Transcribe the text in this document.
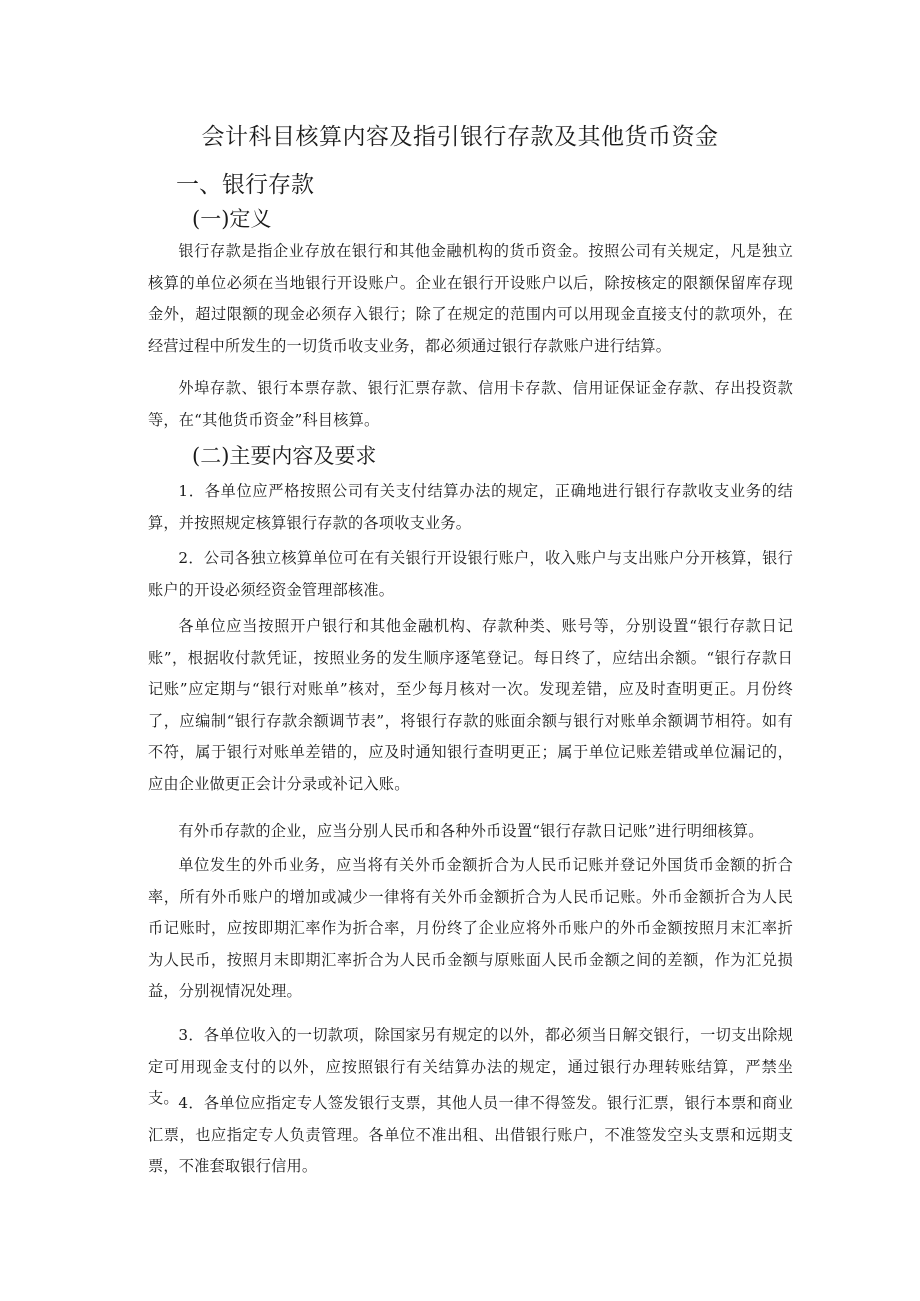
会计科目核算内容及指引银行存款及其他货币资金
一、银行存款
(一)定义

银行存款是指企业存放在银行和其他金融机构的货币资金。按照公司有关规定，凡是独立核算的单位必须在当地银行开设账户。企业在银行开设账户以后，除按核定的限额保留库存现金外，超过限额的现金必须存入银行；除了在规定的范围内可以用现金直接支付的款项外，在经营过程中所发生的一切货币收支业务，都必须通过银行存款账户进行结算。

外埠存款、银行本票存款、银行汇票存款、信用卡存款、信用证保证金存款、存出投资款等，在“其他货币资金”科目核算。

(二)主要内容及要求

1．各单位应严格按照公司有关支付结算办法的规定，正确地进行银行存款收支业务的结算，并按照规定核算银行存款的各项收支业务。

2．公司各独立核算单位可在有关银行开设银行账户，收入账户与支出账户分开核算，银行账户的开设必须经资金管理部核准。

各单位应当按照开户银行和其他金融机构、存款种类、账号等，分别设置“银行存款日记账”，根据收付款凭证，按照业务的发生顺序逐笔登记。每日终了，应结出余额。“银行存款日记账”应定期与“银行对账单”核对，至少每月核对一次。发现差错，应及时查明更正。月份终了，应编制“银行存款余额调节表”，将银行存款的账面余额与银行对账单余额调节相符。如有不符，属于银行对账单差错的，应及时通知银行查明更正；属于单位记账差错或单位漏记的，应由企业做更正会计分录或补记入账。

有外币存款的企业，应当分别人民币和各种外币设置“银行存款日记账”进行明细核算。

单位发生的外币业务，应当将有关外币金额折合为人民币记账并登记外国货币金额的折合率，所有外币账户的增加或减少一律将有关外币金额折合为人民币记账。外币金额折合为人民币记账时，应按即期汇率作为折合率，月份终了企业应将外币账户的外币金额按照月末汇率折为人民币，按照月末即期汇率折合为人民币金额与原账面人民币金额之间的差额，作为汇兑损益，分别视情况处理。

3．各单位收入的一切款项，除国家另有规定的以外，都必须当日解交银行，一切支出除规定可用现金支付的以外，应按照银行有关结算办法的规定，通过银行办理转账结算，严禁坐支。 4．各单位应指定专人签发银行支票，其他人员一律不得签发。银行汇票，银行本票和商业汇票，也应指定专人负责管理。各单位不准出租、出借银行账户，不准签发空头支票和远期支票，不准套取银行信用。
